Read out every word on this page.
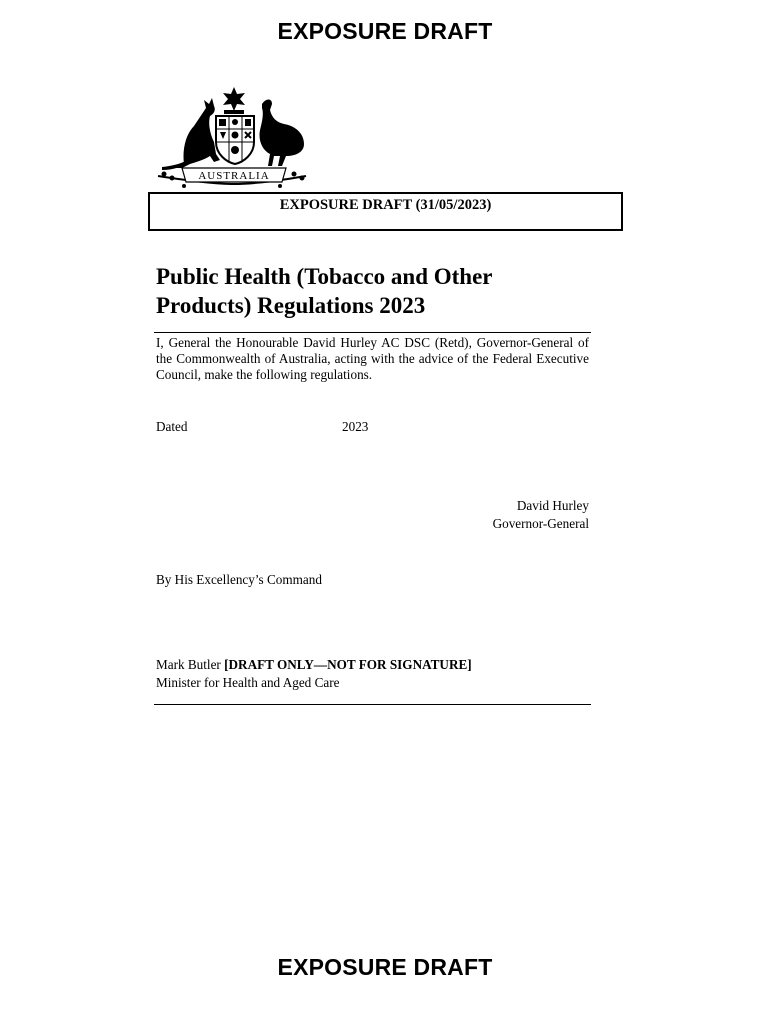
EXPOSURE DRAFT
AUSTRALIA
EXPOSURE DRAFT (31/05/2023)
Public Health (Tobacco and Other
Products) Regulations 2023
I, General the Honourable David Hurley AC DSC (Retd), Governor-General of the Commonwealth of Australia, acting with the advice of the Federal Executive Council, make the following regulations.
Dated	2023
David Hurley
Governor-General
By His Excellency’s Command
Mark Butler [DRAFT ONLY—NOT FOR SIGNATURE]
Minister for Health and Aged Care
EXPOSURE DRAFT
